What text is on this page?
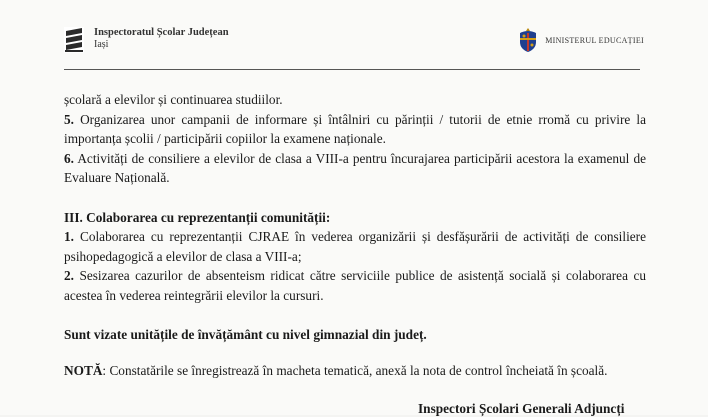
Inspectoratul Școlar Județean
Iași	MINISTERUL EDUCAȚIEI

școlară a elevilor și continuarea studiilor.

5. Organizarea unor campanii de informare și întâlniri cu părinții / tutorii de etnie rromă cu privire la importanța școlii / participării copiilor la examene naționale.

6. Activități de consiliere a elevilor de clasa a VIII-a pentru încurajarea participării acestora la examenul de Evaluare Națională.

III. Colaborarea cu reprezentanții comunității:

1. Colaborarea cu reprezentanții CJRAE în vederea organizării și desfășurării de activități de consiliere psihopedagogică a elevilor de clasa a VIII-a;

2. Sesizarea cazurilor de absenteism ridicat către serviciile publice de asistență socială și colaborarea cu acestea în vederea reintegrării elevilor la cursuri.

Sunt vizate unitățile de învățământ cu nivel gimnazial din județ.

NOTĂ: Constatările se înregistrează în macheta tematică, anexă la nota de control încheiată în școală.

Inspectori Școlari Generali Adjuncți
